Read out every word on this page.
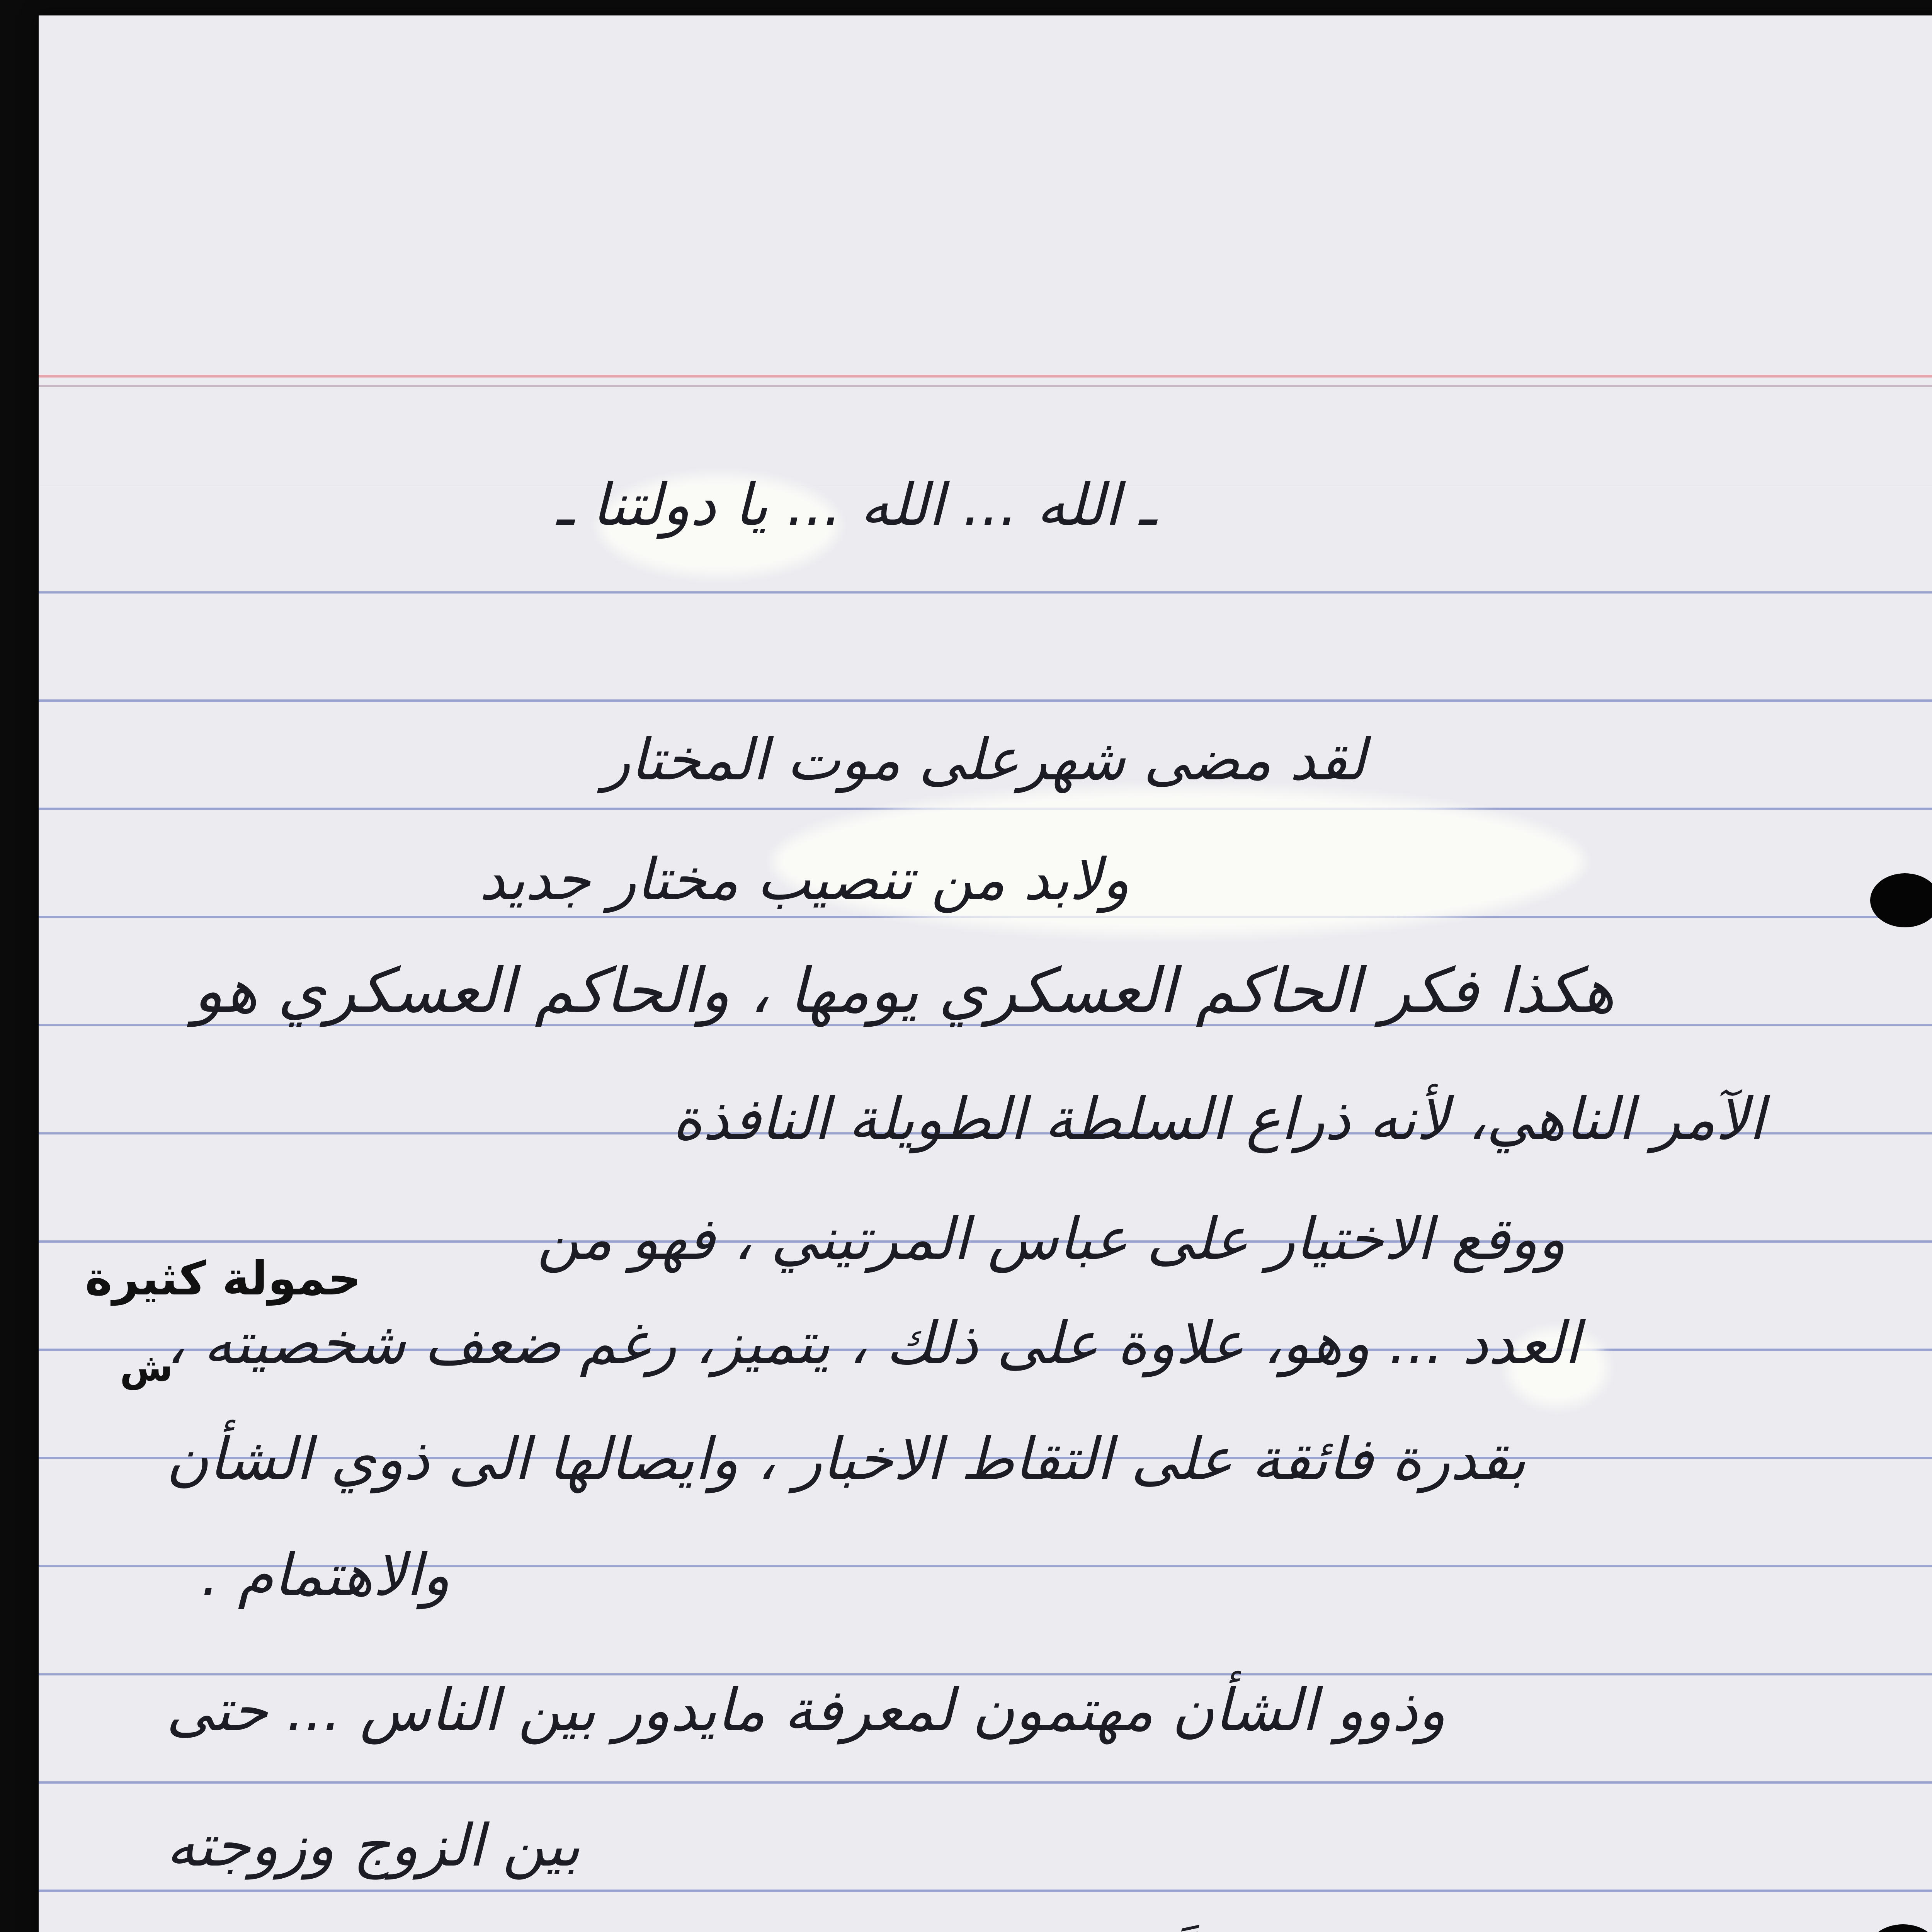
ـ الله ... الله ... يا دولتنا ـ
لقد مضى شهرعلى موت المختار
ولابد من تنصيب مختار جديد
هكذا فكر الحاكم العسكري يومها ، والحاكم العسكري هو
الآمر الناهي، لأنه ذراع السلطة الطويلة النافذة
ووقع الاختيار على عباس المرتيني ، فهو من
حمولة كثيرة
ش
العدد ... وهو، علاوة على ذلك ، يتميز، رغم ضعف شخصيته ،
بقدرة فائقة على التقاط الاخبار ، وايصالها الى ذوي الشأن
والاهتمام .
وذوو الشأن مهتمون لمعرفة مايدور بين الناس ... حتى
بين الزوج وزوجته
